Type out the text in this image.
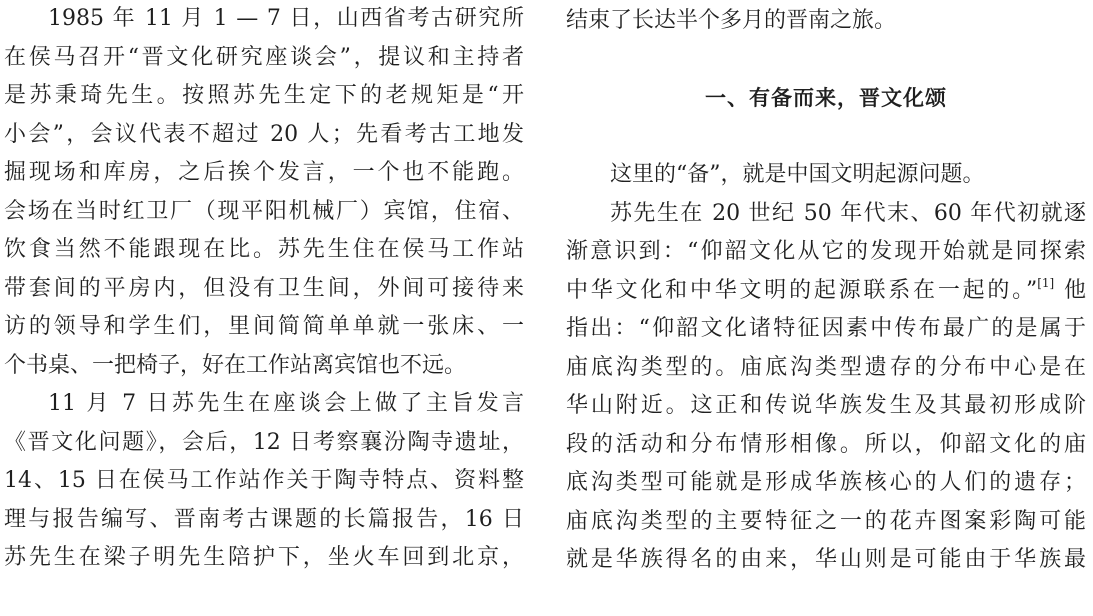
1985 年 11 月 1 — 7 日，山西省考古研究所
在侯马召开“晋文化研究座谈会”，提议和主持者
是苏秉琦先生。按照苏先生定下的老规矩是“开
小会”，会议代表不超过 20 人；先看考古工地发
掘现场和库房，之后挨个发言，一个也不能跑。
会场在当时红卫厂（现平阳机械厂）宾馆，住宿、
饮食当然不能跟现在比。苏先生住在侯马工作站
带套间的平房内，但没有卫生间，外间可接待来
访的领导和学生们，里间简简单单就一张床、一
个书桌、一把椅子，好在工作站离宾馆也不远。
11 月 7 日苏先生在座谈会上做了主旨发言
《晋文化问题》，会后，12 日考察襄汾陶寺遗址，
14、15 日在侯马工作站作关于陶寺特点、资料整
理与报告编写、晋南考古课题的长篇报告，16 日
苏先生在梁子明先生陪护下，坐火车回到北京，
结束了长达半个多月的晋南之旅。
一、有备而来，晋文化颂
这里的“备”，就是中国文明起源问题。
苏先生在 20 世纪 50 年代末、60 年代初就逐
渐意识到：“仰韶文化从它的发现开始就是同探索
中华文化和中华文明的起源联系在一起的。”[1] 他
指出：“仰韶文化诸特征因素中传布最广的是属于
庙底沟类型的。庙底沟类型遗存的分布中心是在
华山附近。这正和传说华族发生及其最初形成阶
段的活动和分布情形相像。所以，仰韶文化的庙
底沟类型可能就是形成华族核心的人们的遗存；
庙底沟类型的主要特征之一的花卉图案彩陶可能
就是华族得名的由来，华山则是可能由于华族最
